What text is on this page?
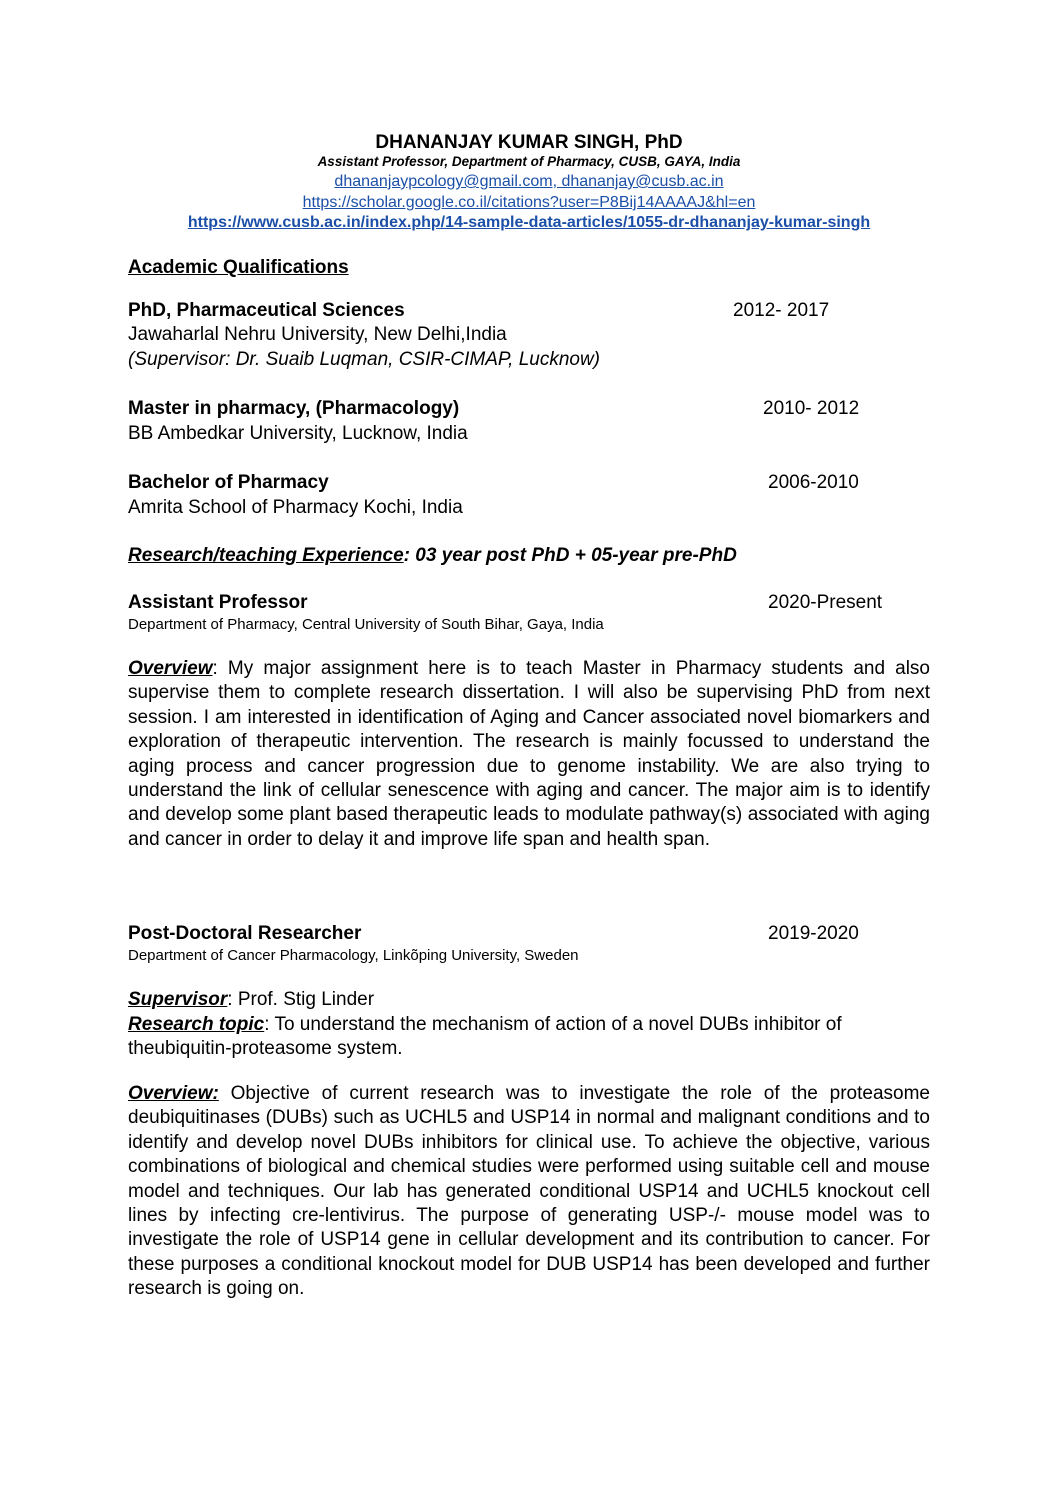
DHANANJAY KUMAR SINGH, PhD
Assistant Professor, Department of Pharmacy, CUSB, GAYA, India
dhananjaypcology@gmail.com, dhananjay@cusb.ac.in
https://scholar.google.co.il/citations?user=P8Bij14AAAAJ&hl=en
https://www.cusb.ac.in/index.php/14-sample-data-articles/1055-dr-dhananjay-kumar-singh
Academic Qualifications
PhD, Pharmaceutical Sciences	2012- 2017
Jawaharlal Nehru University, New Delhi,India
(Supervisor: Dr. Suaib Luqman, CSIR-CIMAP, Lucknow)
Master in pharmacy, (Pharmacology)	2010- 2012
BB Ambedkar University, Lucknow, India
Bachelor of Pharmacy	2006-2010
Amrita School of Pharmacy Kochi, India
Research/teaching Experience: 03 year post PhD + 05-year pre-PhD
Assistant Professor	2020-Present
Department of Pharmacy, Central University of South Bihar, Gaya, India
Overview: My major assignment here is to teach Master in Pharmacy students and also supervise them to complete research dissertation. I will also be supervising PhD from next session. I am interested in identification of Aging and Cancer associated novel biomarkers and exploration of therapeutic intervention. The research is mainly focussed to understand the aging process and cancer progression due to genome instability. We are also trying to understand the link of cellular senescence with aging and cancer. The major aim is to identify and develop some plant based therapeutic leads to modulate pathway(s) associated with aging and cancer in order to delay it and improve life span and health span.
Post-Doctoral Researcher	2019-2020
Department of Cancer Pharmacology, Linkõping University, Sweden
Supervisor: Prof. Stig Linder
Research topic: To understand the mechanism of action of a novel DUBs inhibitor of theubiquitin-proteasome system.
Overview: Objective of current research was to investigate the role of the proteasome deubiquitinases (DUBs) such as UCHL5 and USP14 in normal and malignant conditions and to identify and develop novel DUBs inhibitors for clinical use. To achieve the objective, various combinations of biological and chemical studies were performed using suitable cell and mouse model and techniques. Our lab has generated conditional USP14 and UCHL5 knockout cell lines by infecting cre-lentivirus. The purpose of generating USP-/- mouse model was to investigate the role of USP14 gene in cellular development and its contribution to cancer. For these purposes a conditional knockout model for DUB USP14 has been developed and further research is going on.
